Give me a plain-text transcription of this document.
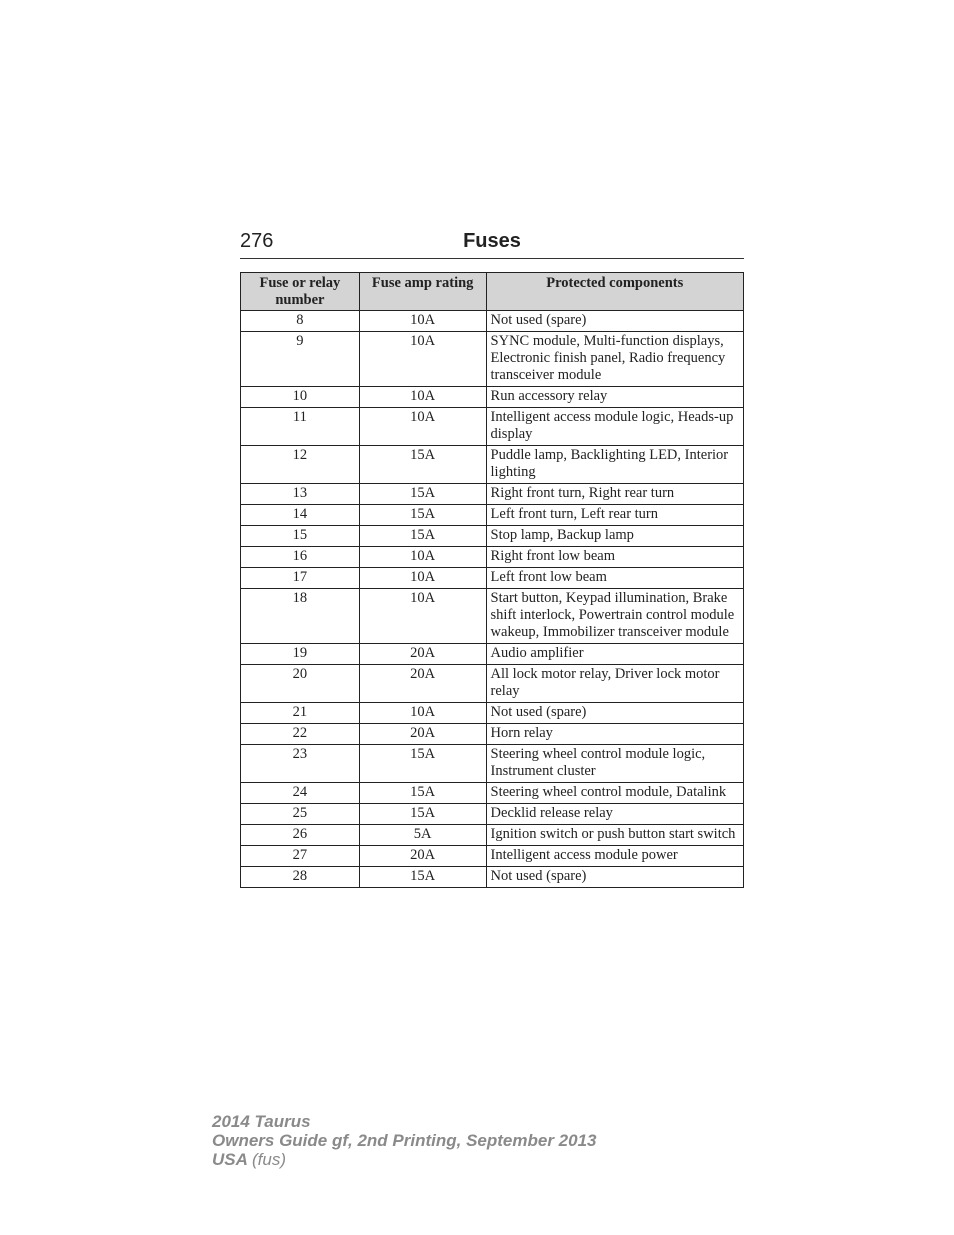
276	Fuses
Fuse or relay number	Fuse amp rating	Protected components
8	10A	Not used (spare)
9	10A	SYNC module, Multi-function displays, Electronic finish panel, Radio frequency transceiver module
10	10A	Run accessory relay
11	10A	Intelligent access module logic, Heads-up display
12	15A	Puddle lamp, Backlighting LED, Interior lighting
13	15A	Right front turn, Right rear turn
14	15A	Left front turn, Left rear turn
15	15A	Stop lamp, Backup lamp
16	10A	Right front low beam
17	10A	Left front low beam
18	10A	Start button, Keypad illumination, Brake shift interlock, Powertrain control module wakeup, Immobilizer transceiver module
19	20A	Audio amplifier
20	20A	All lock motor relay, Driver lock motor relay
21	10A	Not used (spare)
22	20A	Horn relay
23	15A	Steering wheel control module logic, Instrument cluster
24	15A	Steering wheel control module, Datalink
25	15A	Decklid release relay
26	5A	Ignition switch or push button start switch
27	20A	Intelligent access module power
28	15A	Not used (spare)
2014 Taurus
Owners Guide gf, 2nd Printing, September 2013
USA (fus)
